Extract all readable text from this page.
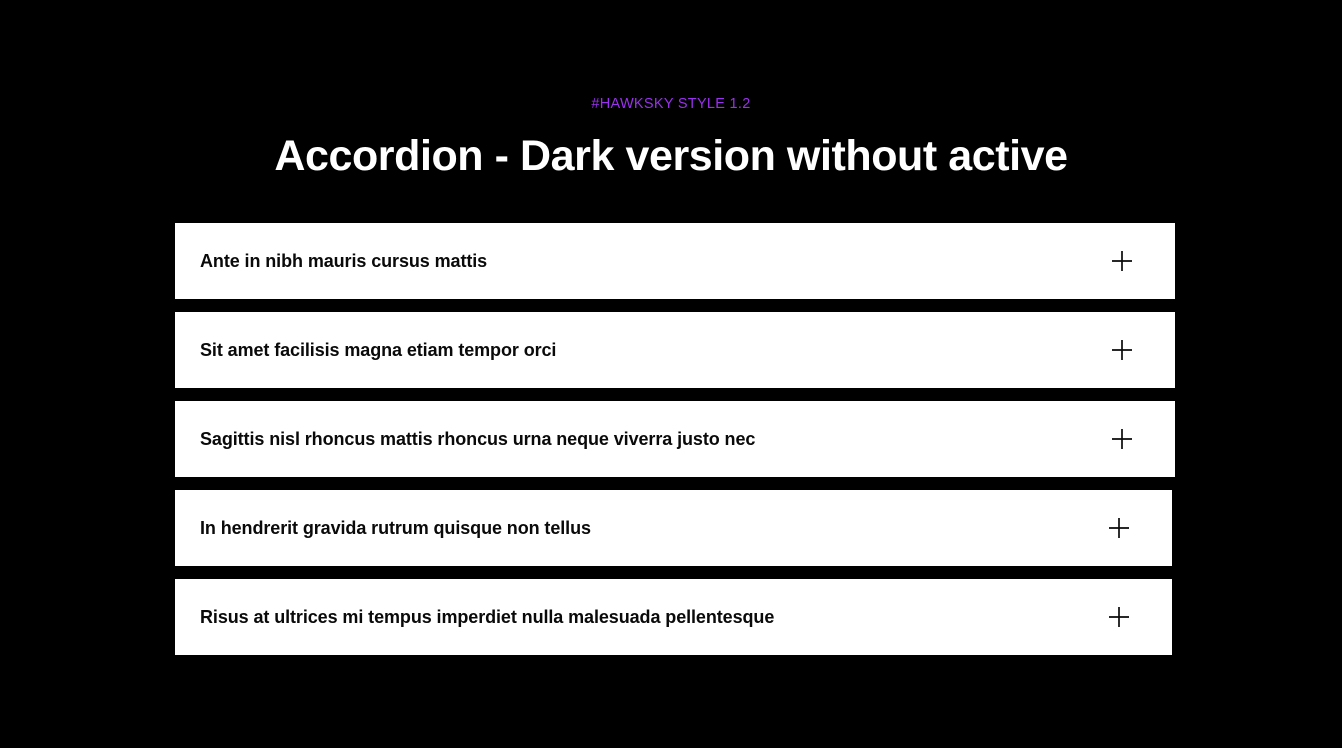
#HAWKSKY STYLE 1.2

Accordion - Dark version without active
Ante in nibh mauris cursus mattis
Sit amet facilisis magna etiam tempor orci
Sagittis nisl rhoncus mattis rhoncus urna neque viverra justo nec
In hendrerit gravida rutrum quisque non tellus
Risus at ultrices mi tempus imperdiet nulla malesuada pellentesque
